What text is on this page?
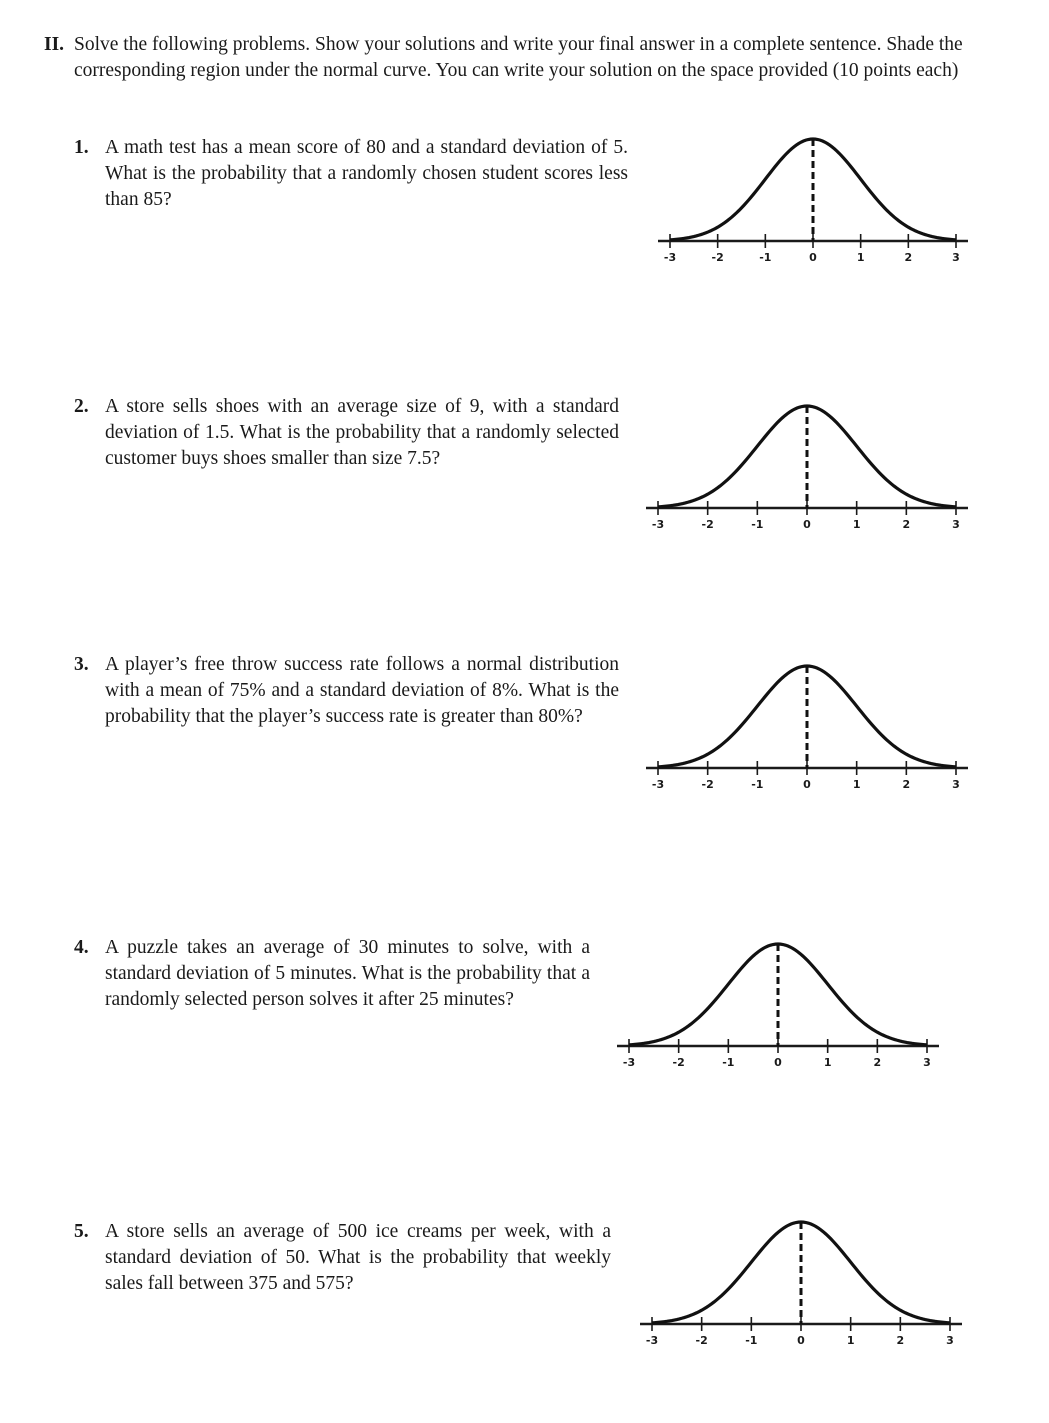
II. Solve the following problems. Show your solutions and write your final answer in a complete sentence. Shade the corresponding region under the normal curve. You can write your solution on the space provided (10 points each)
1. A math test has a mean score of 80 and a standard deviation of 5. What is the probability that a randomly chosen student scores less than 85?
-3	-2	-1	0	1	2	3
2. A store sells shoes with an average size of 9, with a standard deviation of 1.5. What is the probability that a randomly selected customer buys shoes smaller than size 7.5?
-3	-2	-1	0	1	2	3
3. A player’s free throw success rate follows a normal distribution with a mean of 75% and a standard deviation of 8%. What is the probability that the player’s success rate is greater than 80%?
-3	-2	-1	0	1	2	3
4. A puzzle takes an average of 30 minutes to solve, with a standard deviation of 5 minutes. What is the probability that a randomly selected person solves it after 25 minutes?
-3	-2	-1	0	1	2	3
5. A store sells an average of 500 ice creams per week, with a standard deviation of 50. What is the probability that weekly sales fall between 375 and 575?
-3	-2	-1	0	1	2	3
